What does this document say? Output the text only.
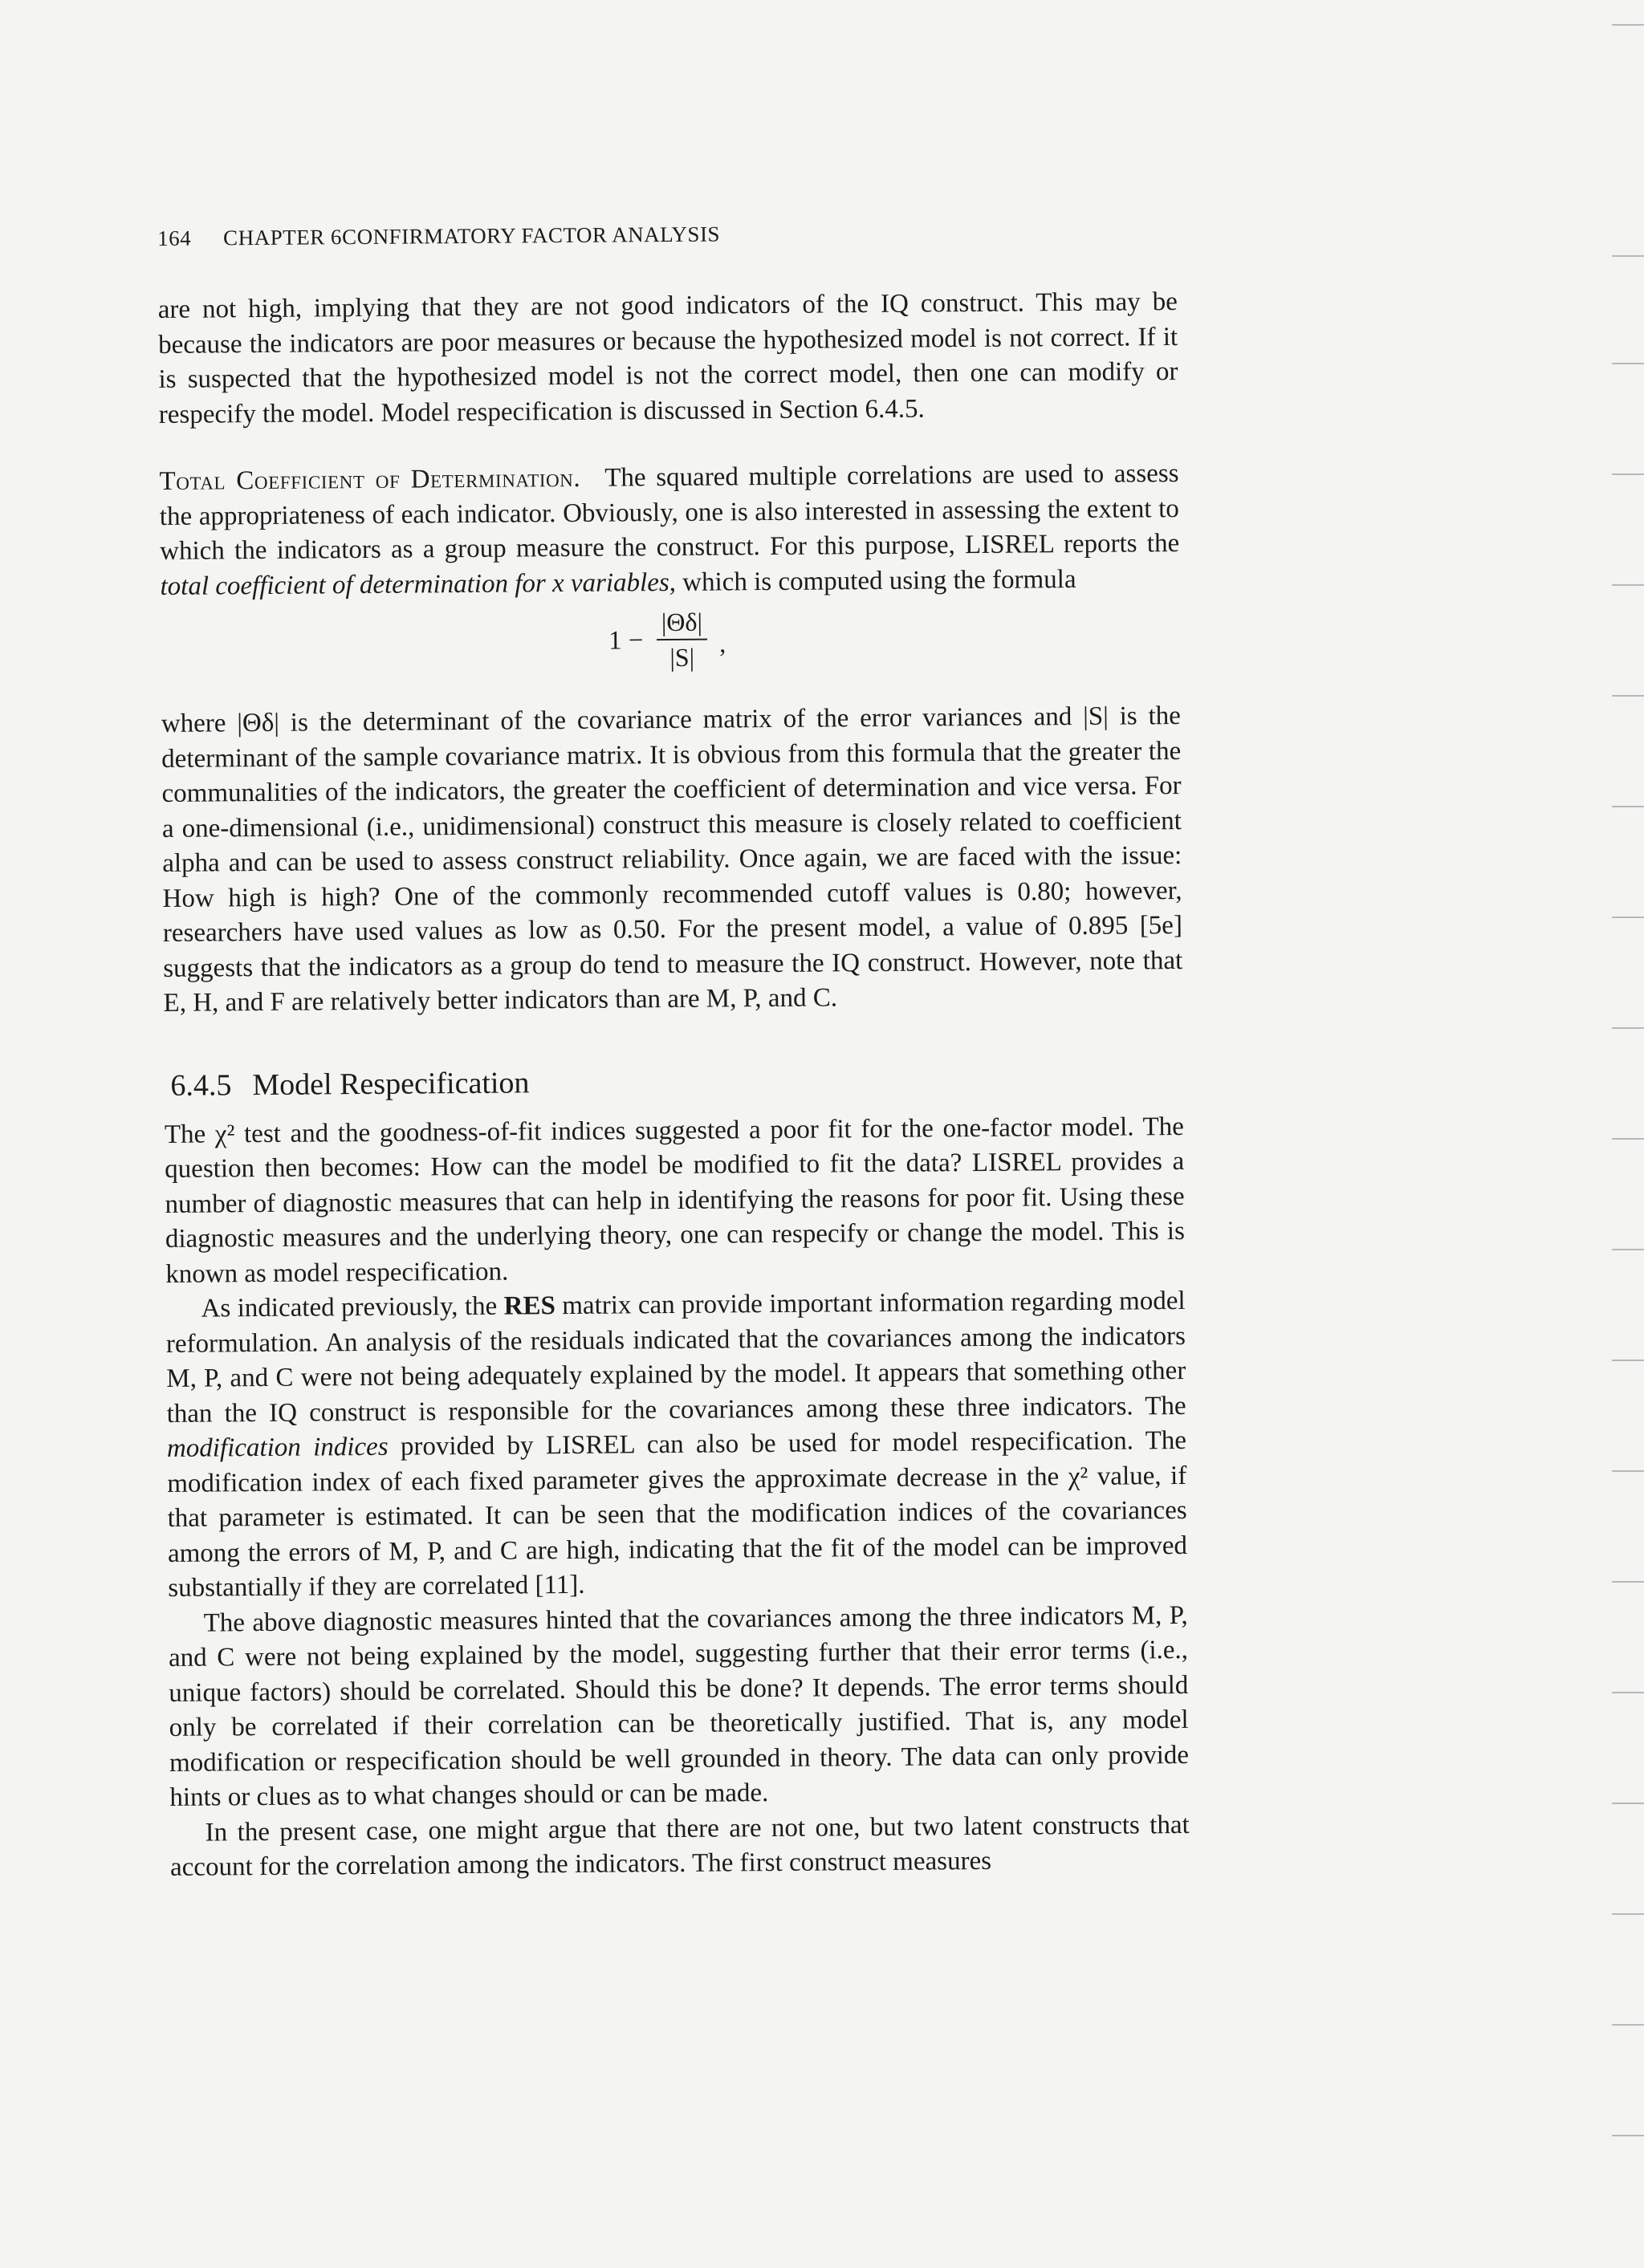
164 CHAPTER 6CONFIRMATORY FACTOR ANALYSIS

are not high, implying that they are not good indicators of the IQ construct. This may be because the indicators are poor measures or because the hypothesized model is not correct. If it is suspected that the hypothesized model is not the correct model, then one can modify or respecify the model. Model respecification is discussed in Section 6.4.5.

Total Coefficient of Determination. The squared multiple correlations are used to assess the appropriateness of each indicator. Obviously, one is also interested in assessing the extent to which the indicators as a group measure the construct. For this purpose, LISREL reports the total coefficient of determination for x variables, which is computed using the formula

$1 - \frac{|\Theta\delta|}{|S|}$ ,

where |Θδ| is the determinant of the covariance matrix of the error variances and |S| is the determinant of the sample covariance matrix. It is obvious from this formula that the greater the communalities of the indicators, the greater the coefficient of determination and vice versa. For a one-dimensional (i.e., unidimensional) construct this measure is closely related to coefficient alpha and can be used to assess construct reliability. Once again, we are faced with the issue: How high is high? One of the commonly recommended cutoff values is 0.80; however, researchers have used values as low as 0.50. For the present model, a value of 0.895 [5e] suggests that the indicators as a group do tend to measure the IQ construct. However, note that E, H, and F are relatively better indicators than are M, P, and C.

6.4.5 Model Respecification

The χ² test and the goodness-of-fit indices suggested a poor fit for the one-factor model. The question then becomes: How can the model be modified to fit the data? LISREL provides a number of diagnostic measures that can help in identifying the reasons for poor fit. Using these diagnostic measures and the underlying theory, one can respecify or change the model. This is known as model respecification.

As indicated previously, the RES matrix can provide important information regarding model reformulation. An analysis of the residuals indicated that the covariances among the indicators M, P, and C were not being adequately explained by the model. It appears that something other than the IQ construct is responsible for the covariances among these three indicators. The modification indices provided by LISREL can also be used for model respecification. The modification index of each fixed parameter gives the approximate decrease in the χ² value, if that parameter is estimated. It can be seen that the modification indices of the covariances among the errors of M, P, and C are high, indicating that the fit of the model can be improved substantially if they are correlated [11].

The above diagnostic measures hinted that the covariances among the three indicators M, P, and C were not being explained by the model, suggesting further that their error terms (i.e., unique factors) should be correlated. Should this be done? It depends. The error terms should only be correlated if their correlation can be theoretically justified. That is, any model modification or respecification should be well grounded in theory. The data can only provide hints or clues as to what changes should or can be made.

In the present case, one might argue that there are not one, but two latent constructs that account for the correlation among the indicators. The first construct measures
